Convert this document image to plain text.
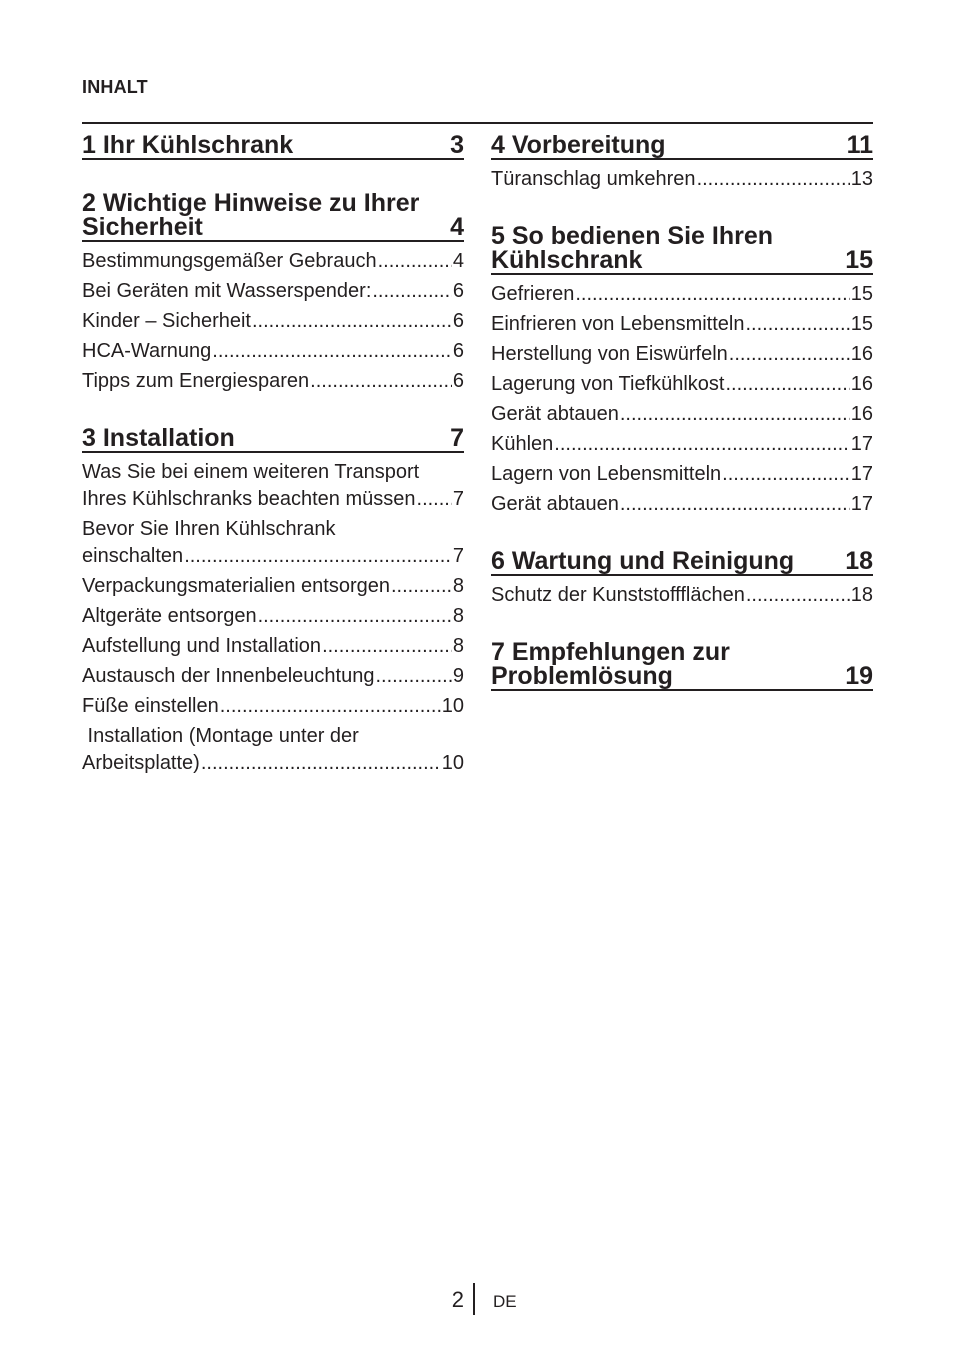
INHALT
1 Ihr Kühlschrank	3
2 Wichtige Hinweise zu Ihrer
Sicherheit	4
Bestimmungsgemäßer Gebrauch .....	4
Bei Geräten mit Wasserspender: .....	6
Kinder – Sicherheit .....	6
HCA-Warnung .....	6
Tipps zum Energiesparen .....	6
3 Installation	7
Was Sie bei einem weiteren Transport
Ihres Kühlschranks beachten müssen ..... 7
Bevor Sie Ihren Kühlschrank
einschalten .....	7
Verpackungsmaterialien entsorgen .....	8
Altgeräte entsorgen .....	8
Aufstellung und Installation .....	8
Austausch der Innenbeleuchtung .....	9
Füße einstellen .....	10
Installation (Montage unter der
Arbeitsplatte) .....	10
4 Vorbereitung	11
Türanschlag umkehren .....	13
5 So bedienen Sie Ihren
Kühlschrank	15
Gefrieren .....	15
Einfrieren von Lebensmitteln .....	15
Herstellung von Eiswürfeln .....	16
Lagerung von Tiefkühlkost .....	16
Gerät abtauen .....	16
Kühlen .....	17
Lagern von Lebensmitteln .....	17
Gerät abtauen .....	17
6 Wartung und Reinigung 18
Schutz der Kunststoffflächen .....	18
7 Empfehlungen zur
Problemlösung	19
2 DE
